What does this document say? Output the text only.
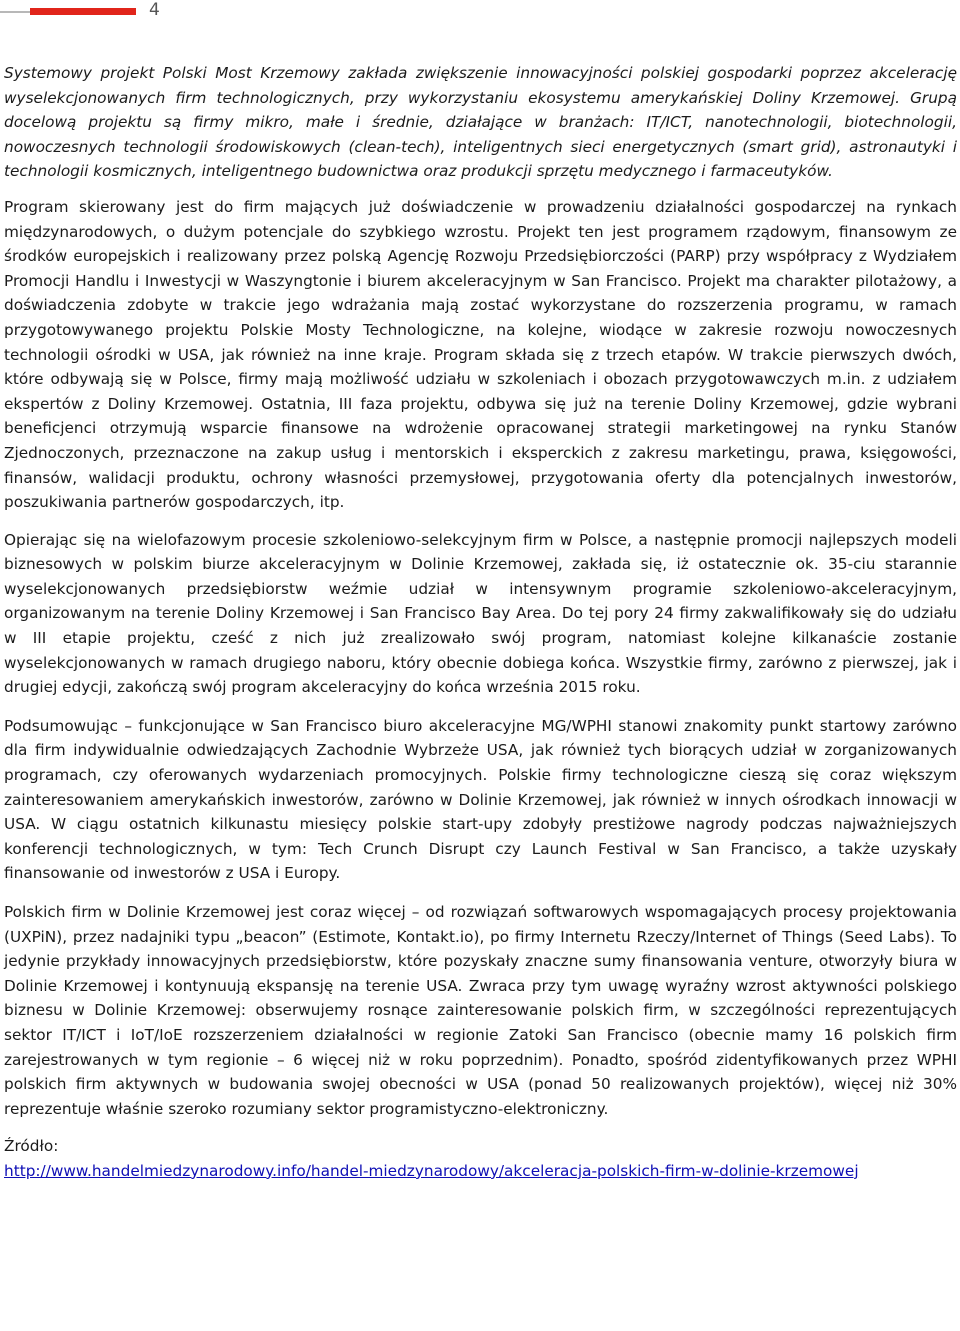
4

Systemowy projekt Polski Most Krzemowy zakłada zwiększenie innowacyjności polskiej gospodarki poprzez akcelerację wyselekcjonowanych firm technologicznych, przy wykorzystaniu ekosystemu amerykańskiej Doliny Krzemowej. Grupą docelową projektu są firmy mikro, małe i średnie, działające w branżach: IT/ICT, nanotechnologii, biotechnologii, nowoczesnych technologii środowiskowych (clean-tech), inteligentnych sieci energetycznych (smart grid), astronautyki i technologii kosmicznych, inteligentnego budownictwa oraz produkcji sprzętu medycznego i farmaceutyków.

Program skierowany jest do firm mających już doświadczenie w prowadzeniu działalności gospodarczej na rynkach międzynarodowych, o dużym potencjale do szybkiego wzrostu. Projekt ten jest programem rządowym, finansowym ze środków europejskich i realizowany przez polską Agencję Rozwoju Przedsiębiorczości (PARP) przy współpracy z Wydziałem Promocji Handlu i Inwestycji w Waszyngtonie i biurem akceleracyjnym w San Francisco. Projekt ma charakter pilotażowy, a doświadczenia zdobyte w trakcie jego wdrażania mają zostać wykorzystane do rozszerzenia programu, w ramach przygotowywanego projektu Polskie Mosty Technologiczne, na kolejne, wiodące w zakresie rozwoju nowoczesnych technologii ośrodki w USA, jak również na inne kraje. Program składa się z trzech etapów. W trakcie pierwszych dwóch, które odbywają się w Polsce, firmy mają możliwość udziału w szkoleniach i obozach przygotowawczych m.in. z udziałem ekspertów z Doliny Krzemowej. Ostatnia, III faza projektu, odbywa się już na terenie Doliny Krzemowej, gdzie wybrani beneficjenci otrzymują wsparcie finansowe na wdrożenie opracowanej strategii marketingowej na rynku Stanów Zjednoczonych, przeznaczone na zakup usług i mentorskich i eksperckich z zakresu marketingu, prawa, księgowości, finansów, walidacji produktu, ochrony własności przemysłowej, przygotowania oferty dla potencjalnych inwestorów, poszukiwania partnerów gospodarczych, itp.

Opierając się na wielofazowym procesie szkoleniowo-selekcyjnym firm w Polsce, a następnie promocji najlepszych modeli biznesowych w polskim biurze akceleracyjnym w Dolinie Krzemowej, zakłada się, iż ostatecznie ok. 35-ciu starannie wyselekcjonowanych przedsiębiorstw weźmie udział w intensywnym programie szkoleniowo-akceleracyjnym, organizowanym na terenie Doliny Krzemowej i San Francisco Bay Area. Do tej pory 24 firmy zakwalifikowały się do udziału w III etapie projektu, cześć z nich już zrealizowało swój program, natomiast kolejne kilkanaście zostanie wyselekcjonowanych w ramach drugiego naboru, który obecnie dobiega końca. Wszystkie firmy, zarówno z pierwszej, jak i drugiej edycji, zakończą swój program akceleracyjny do końca września 2015 roku.

Podsumowując – funkcjonujące w San Francisco biuro akceleracyjne MG/WPHI stanowi znakomity punkt startowy zarówno dla firm indywidualnie odwiedzających Zachodnie Wybrzeże USA, jak również tych biorących udział w zorganizowanych programach, czy oferowanych wydarzeniach promocyjnych. Polskie firmy technologiczne cieszą się coraz większym zainteresowaniem amerykańskich inwestorów, zarówno w Dolinie Krzemowej, jak również w innych ośrodkach innowacji w USA. W ciągu ostatnich kilkunastu miesięcy polskie start-upy zdobyły prestiżowe nagrody podczas najważniejszych konferencji technologicznych, w tym: Tech Crunch Disrupt czy Launch Festival w San Francisco, a także uzyskały finansowanie od inwestorów z USA i Europy.

Polskich firm w Dolinie Krzemowej jest coraz więcej – od rozwiązań softwarowych wspomagających procesy projektowania (UXPiN), przez nadajniki typu „beacon” (Estimote, Kontakt.io), po firmy Internetu Rzeczy/Internet of Things (Seed Labs). To jedynie przykłady innowacyjnych przedsiębiorstw, które pozyskały znaczne sumy finansowania venture, otworzyły biura w Dolinie Krzemowej i kontynuują ekspansję na terenie USA. Zwraca przy tym uwagę wyraźny wzrost aktywności polskiego biznesu w Dolinie Krzemowej: obserwujemy rosnące zainteresowanie polskich firm, w szczególności reprezentujących sektor IT/ICT i IoT/IoE rozszerzeniem działalności w regionie Zatoki San Francisco (obecnie mamy 16 polskich firm zarejestrowanych w tym regionie – 6 więcej niż w roku poprzednim). Ponadto, spośród zidentyfikowanych przez WPHI polskich firm aktywnych w budowania swojej obecności w USA (ponad 50 realizowanych projektów), więcej niż 30% reprezentuje właśnie szeroko rozumiany sektor programistyczno-elektroniczny.

Źródło:

http://www.handelmiedzynarodowy.info/handel-miedzynarodowy/akceleracja-polskich-firm-w-dolinie-krzemowej
